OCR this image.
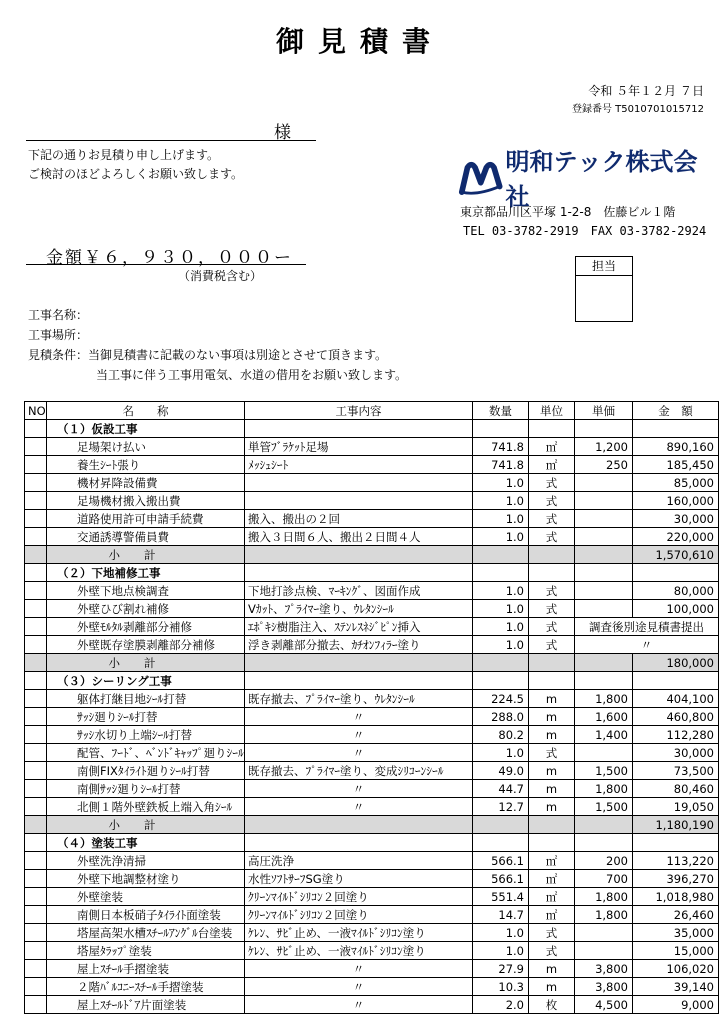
御見積書
令和 ５年１２月 ７日
登録番号 T5010701015712
様
下記の通りお見積り申し上げます。
ご検討のほどよろしくお願い致します。	明和テック株式会社
東京都品川区平塚 1-2-8　佐藤ビル１階
TEL 03-3782-2919　FAX 03-3782-2924
金額￥６，９３０，０００ー
（消費税含む）
担当
工事名称：
工事場所：
見積条件：当御見積書に記載のない事項は別途とさせて頂きます。
当工事に伴う工事用電気、水道の借用をお願い致します。
NO	名　　称	工事内容	数量	単位	単価	金　額
	（１）仮設工事					
	足場架け払い	単管ﾌﾞﾗｹｯﾄ足場	741.8	㎡	1,200	890,160
	養生ｼｰﾄ張り	ﾒｯｼｭｼｰﾄ	741.8	㎡	250	185,450
	機材昇降設備費		1.0	式		85,000
	足場機材搬入搬出費		1.0	式		160,000
	道路使用許可申請手続費	搬入、搬出の２回	1.0	式		30,000
	交通誘導警備員費	搬入３日間６人、搬出２日間４人	1.0	式		220,000
	小計					1,570,610
	（２）下地補修工事					
	外壁下地点検調査	下地打診点検、ﾏｰｷﾝｸﾞ、図面作成	1.0	式		80,000
	外壁ひび割れ補修	Vｶｯﾄ、ﾌﾟﾗｲﾏｰ塗り、ｳﾚﾀﾝｼｰﾙ	1.0	式		100,000
	外壁ﾓﾙﾀﾙ剥離部分補修	ｴﾎﾟｷｼ樹脂注入、ｽﾃﾝﾚｽﾈｼﾞﾋﾟﾝ挿入	1.0	式	調査後別途見積書提出	
	外壁既存塗膜剥離部分補修	浮き剥離部分撤去、ｶﾁｵﾝﾌｨﾗｰ塗り	1.0	式	〃	
	小計					180,000
	（３）シーリング工事					
	躯体打継目地ｼｰﾙ打替	既存撤去、ﾌﾟﾗｲﾏｰ塗り、ｳﾚﾀﾝｼｰﾙ	224.5	m	1,800	404,100
	ｻｯｼ廻りｼｰﾙ打替	〃	288.0	m	1,600	460,800
	ｻｯｼ水切り上端ｼｰﾙ打替	〃	80.2	m	1,400	112,280
	配管、ﾌｰﾄﾞ、ﾍﾞﾝﾄﾞｷｬｯﾌﾟ廻りｼｰﾙ	〃	1.0	式		30,000
	南側FIXﾀｲﾗｲﾄ廻りｼｰﾙ打替	既存撤去、ﾌﾟﾗｲﾏｰ塗り、変成ｼﾘｺｰﾝｼｰﾙ	49.0	m	1,500	73,500
	南側ｻｯｼ廻りｼｰﾙ打替	〃	44.7	m	1,800	80,460
	北側１階外壁鉄板上端入角ｼｰﾙ	〃	12.7	m	1,500	19,050
	小計					1,180,190
	（４）塗装工事					
	外壁洗浄清掃	高圧洗浄	566.1	㎡	200	113,220
	外壁下地調整材塗り	水性ｿﾌﾄｻｰﾌSG塗り	566.1	㎡	700	396,270
	外壁塗装	ｸﾘｰﾝﾏｲﾙﾄﾞｼﾘｺﾝ２回塗り	551.4	㎡	1,800	1,018,980
	南側日本板硝子ﾀｲﾗｲﾄ面塗装	ｸﾘｰﾝﾏｲﾙﾄﾞｼﾘｺﾝ２回塗り	14.7	㎡	1,800	26,460
	塔屋高架水槽ｽﾁｰﾙｱﾝｸﾞﾙ台塗装	ｹﾚﾝ、ｻﾋﾞ止め、一液ﾏｲﾙﾄﾞｼﾘｺﾝ塗り	1.0	式		35,000
	塔屋ﾀﾗｯﾌﾟ塗装	ｹﾚﾝ、ｻﾋﾞ止め、一液ﾏｲﾙﾄﾞｼﾘｺﾝ塗り	1.0	式		15,000
	屋上ｽﾁｰﾙ手摺塗装	〃	27.9	m	3,800	106,020
	２階ﾊﾞﾙｺﾆｰｽﾁｰﾙ手摺塗装	〃	10.3	m	3,800	39,140
	屋上ｽﾁｰﾙﾄﾞｱ片面塗装	〃	2.0	枚	4,500	9,000
